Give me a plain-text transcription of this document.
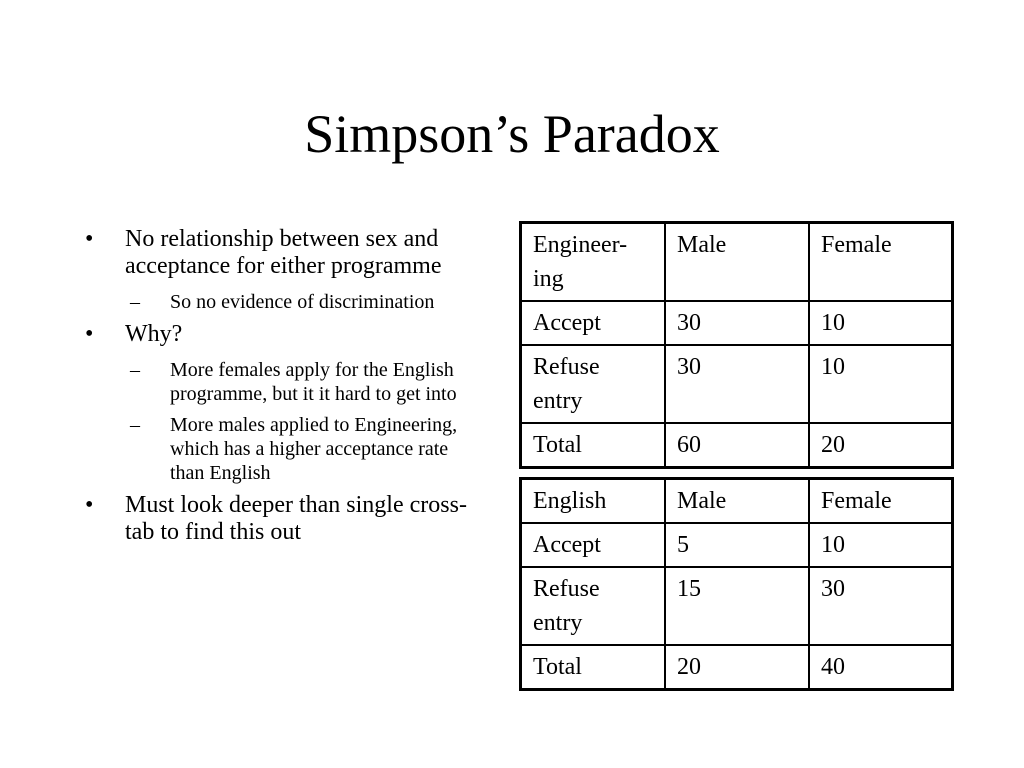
Simpson’s Paradox
• No relationship between sex and acceptance for either programme
– So no evidence of discrimination
• Why?
– More females apply for the English programme, but it it hard to get into
– More males applied to Engineering, which has a higher acceptance rate than English
• Must look deeper than single cross-tab to find this out
Engineer-ing	Male	Female
Accept	30	10
Refuse entry	30	10
Total	60	20
English	Male	Female
Accept	5	10
Refuse entry	15	30
Total	20	40
